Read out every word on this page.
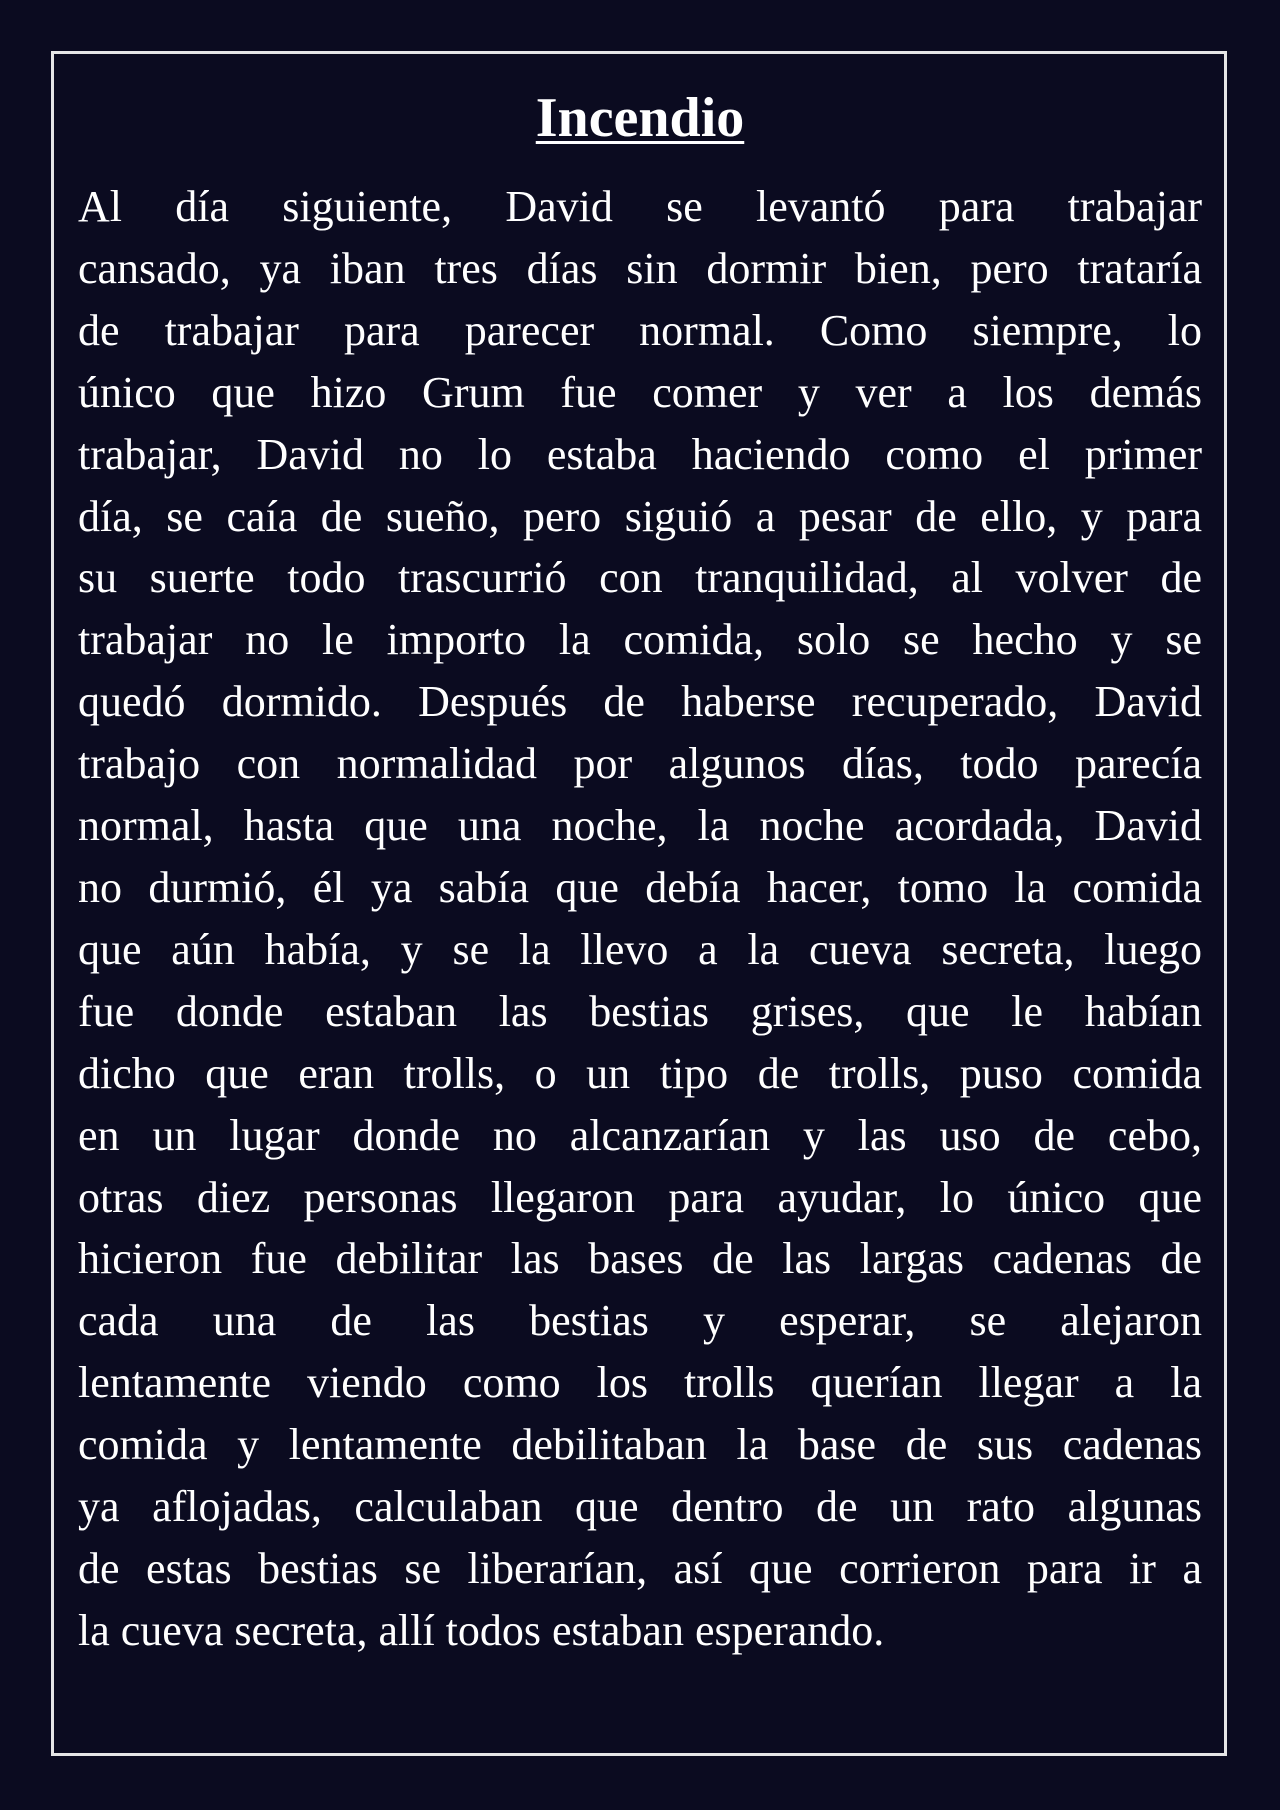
Incendio
Al día siguiente, David se levantó para trabajar
cansado, ya iban tres días sin dormir bien, pero trataría
de trabajar para parecer normal. Como siempre, lo
único que hizo Grum fue comer y ver a los demás
trabajar, David no lo estaba haciendo como el primer
día, se caía de sueño, pero siguió a pesar de ello, y para
su suerte todo trascurrió con tranquilidad, al volver de
trabajar no le importo la comida, solo se hecho y se
quedó dormido. Después de haberse recuperado, David
trabajo con normalidad por algunos días, todo parecía
normal, hasta que una noche, la noche acordada, David
no durmió, él ya sabía que debía hacer, tomo la comida
que aún había, y se la llevo a la cueva secreta, luego
fue donde estaban las bestias grises, que le habían
dicho que eran trolls, o un tipo de trolls, puso comida
en un lugar donde no alcanzarían y las uso de cebo,
otras diez personas llegaron para ayudar, lo único que
hicieron fue debilitar las bases de las largas cadenas de
cada una de las bestias y esperar, se alejaron
lentamente viendo como los trolls querían llegar a la
comida y lentamente debilitaban la base de sus cadenas
ya aflojadas, calculaban que dentro de un rato algunas
de estas bestias se liberarían, así que corrieron para ir a
la cueva secreta, allí todos estaban esperando.
